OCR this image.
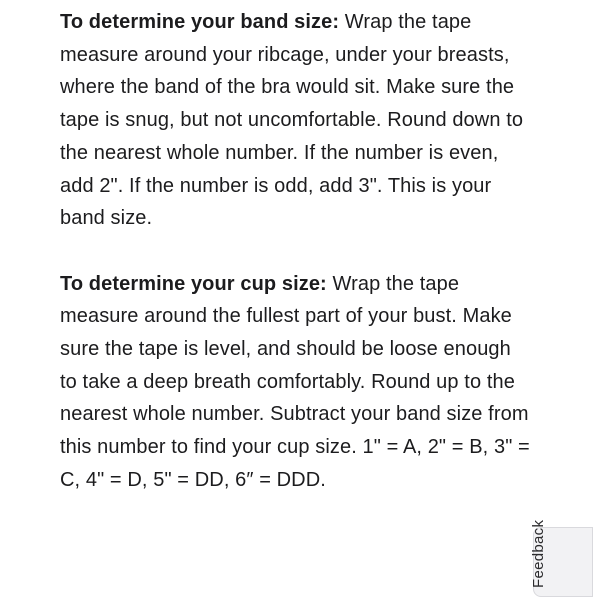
To determine your band size: Wrap the tape measure around your ribcage, under your breasts, where the band of the bra would sit. Make sure the tape is snug, but not uncomfortable. Round down to the nearest whole number. If the number is even, add 2". If the number is odd, add 3". This is your band size.

To determine your cup size: Wrap the tape measure around the fullest part of your bust. Make sure the tape is level, and should be loose enough to take a deep breath comfortably. Round up to the nearest whole number. Subtract your band size from this number to find your cup size. 1" = A, 2" = B, 3" = C, 4" = D, 5" = DD, 6″ = DDD.

Feedback
